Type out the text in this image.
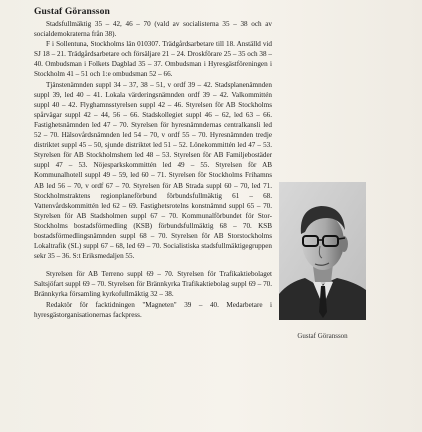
Gustaf Göransson

Stadsfullmäktig 35 – 42, 46 – 70 (vald av socialisterna 35 – 38 och av socialdemokraterna från 38).

F i Sollentuna, Stockholms län 010307. Trädgårdsarbetare till 18. Anställd vid SJ 18 – 21. Trädgårdsarbetare och försäljare 21 – 24. Droskförare 25 – 35 och 38 – 40. Ombudsman i Folkets Dagblad 35 – 37. Ombudsman i Hyresgästföreningen i Stockholm 41 – 51 och 1:e ombudsman 52 – 66.

Tjänstenämnden suppl 34 – 37, 38 – 51, v ordf 39 – 42. Stadsplanenämnden suppl 39, led 40 – 41. Lokala värderingsnämnden ordf 39 – 42. Valkommittén suppl 40 – 42. Flyghamnsstyrelsen suppl 42 – 46. Styrelsen för AB Stockholms spårvägar suppl 42 – 44, 56 – 66. Stadskollegiet suppl 46 – 62, led 63 – 66. Fastighetsnämnden led 47 – 70. Styrelsen för hyresnämndernas centralkansli led 52 – 70. Hälsovårdsnämnden led 54 – 70, v ordf 55 – 70. Hyresnämnden tredje distriktet suppl 45 – 50, sjunde distriktet led 51 – 52. Lönekommittén led 47 – 53. Styrelsen för AB Stockholmshem led 48 – 53. Styrelsen för AB Familjebostäder suppl 47 – 53. Nöjesparkskommittén led 49 – 55. Styrelsen för AB Kommunalhotell suppl 49 – 59, led 60 – 71. Styrelsen för Stockholms Frihamns AB led 56 – 70, v ordf 67 – 70. Styrelsen för AB Strada suppl 60 – 70, led 71. Stockholmstraktens regionplaneförbund förbundsfullmäktig 61 – 68. Vattenvårdskommittén led 62 – 69. Fastighetsrotelns konstnämnd suppl 65 – 70. Styrelsen för AB Stadsholmen suppl 67 – 70. Kommunalförbundet för Stor-Stockholms bostadsförmedling (KSB) förbundsfullmäktig 68 – 70. KSB bostadsförmedlingsnämnden suppl 68 – 70. Styrelsen för AB Storstockholms Lokaltrafik (SL) suppl 67 – 68, led 69 – 70. Socialistiska stadsfullmäktigegruppen sekr 35 – 36. S:t Eriksmedaljen 55.

Styrelsen för AB Terreno suppl 69 – 70. Styrelsen för Trafikaktiebolaget Saltsjöfart suppl 69 – 70. Styrelsen för Brännkyrka Trafikaktiebolag suppl 69 – 70. Brännkyrka församling kyrkofullmäktig 32 – 38.

Redaktör för facktidningen "Magneten" 39 – 40. Medarbetare i hyresgästorganisationernas fackpress.

Gustaf Göransson
